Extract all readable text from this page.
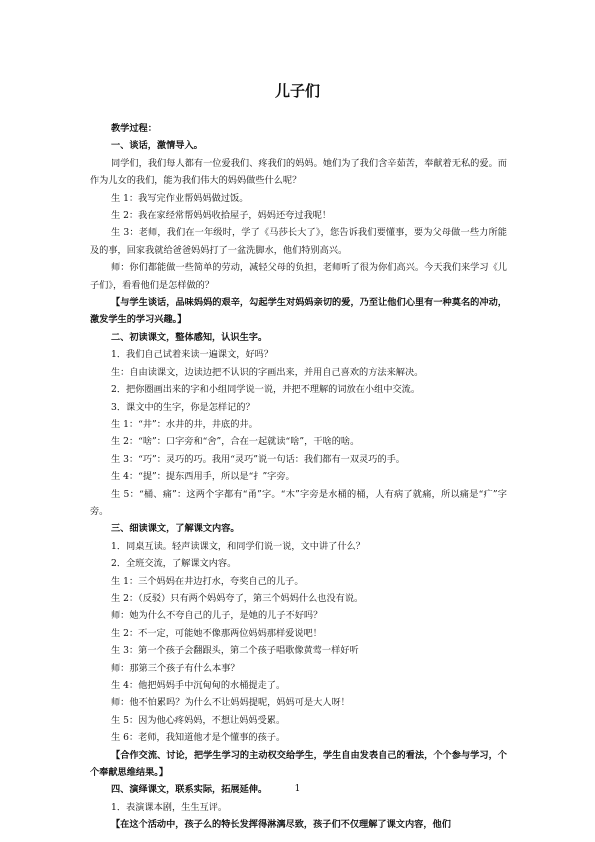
儿子们

教学过程：

一、谈话，激情导入。

同学们，我们每人都有一位爱我们、疼我们的妈妈。她们为了我们含辛茹苦，奉献着无私的爱。而作为儿女的我们，能为我们伟大的妈妈做些什么呢？

生 1：我写完作业帮妈妈做过饭。

生 2：我在家经常帮妈妈收拾屋子，妈妈还夸过我呢！

生 3：老师，我们在一年级时，学了《马莎长大了》，您告诉我们要懂事，要为父母做一些力所能及的事，回家我就给爸爸妈妈打了一盆洗脚水，他们特别高兴。

师：你们都能做一些简单的劳动，减轻父母的负担，老师听了很为你们高兴。今天我们来学习《儿子们》，看看他们是怎样做的？

【与学生谈话，品味妈妈的艰辛，勾起学生对妈妈亲切的爱，乃至让他们心里有一种莫名的冲动，激发学生的学习兴趣。】

二、初读课文，整体感知，认识生字。

1．我们自己试着来读一遍课文，好吗？

生：自由读课文，边读边把不认识的字画出来，并用自己喜欢的方法来解决。

2．把你圈画出来的字和小组同学说一说，并把不理解的词放在小组中交流。

3．课文中的生字，你是怎样记的？

生 1：“井”：水井的井，井底的井。

生 2：“啥”：口字旁和“舍”，合在一起就读“啥”，干啥的啥。

生 3：“巧”：灵巧的巧。我用“灵巧”说一句话：我们都有一双灵巧的手。

生 4：“提”：提东西用手，所以是“扌”字旁。

生 5：“桶、痛”：这两个字都有“甬”字。“木”字旁是水桶的桶，人有病了就痛，所以痛是“疒”字旁。

三、细读课文，了解课文内容。

1．同桌互读。轻声读课文，和同学们说一说，文中讲了什么？

2．全班交流，了解课文内容。

生 1：三个妈妈在井边打水，夸奖自己的儿子。

生 2：（反驳）只有两个妈妈夸了，第三个妈妈什么也没有说。

师：她为什么不夸自己的儿子，是她的儿子不好吗？

生 2：不一定，可能她不像那两位妈妈那样爱说吧！

生 3：第一个孩子会翻跟头，第二个孩子唱歌像黄莺一样好听

师：那第三个孩子有什么本事？

生 4：他把妈妈手中沉甸甸的水桶提走了。

师：他不怕累吗？为什么不让妈妈提呢，妈妈可是大人呀！

生 5：因为他心疼妈妈，不想让妈妈受累。

生 6：老师，我知道他才是个懂事的孩子。

【合作交流、讨论，把学生学习的主动权交给学生，学生自由发表自己的看法，个个参与学习，个个奉献思维结果。】

四、演绎课文，联系实际，拓展延伸。

1．表演课本剧，生生互评。

【在这个活动中，孩子么的特长发挥得淋漓尽致，孩子们不仅理解了课文内容，他们

1
